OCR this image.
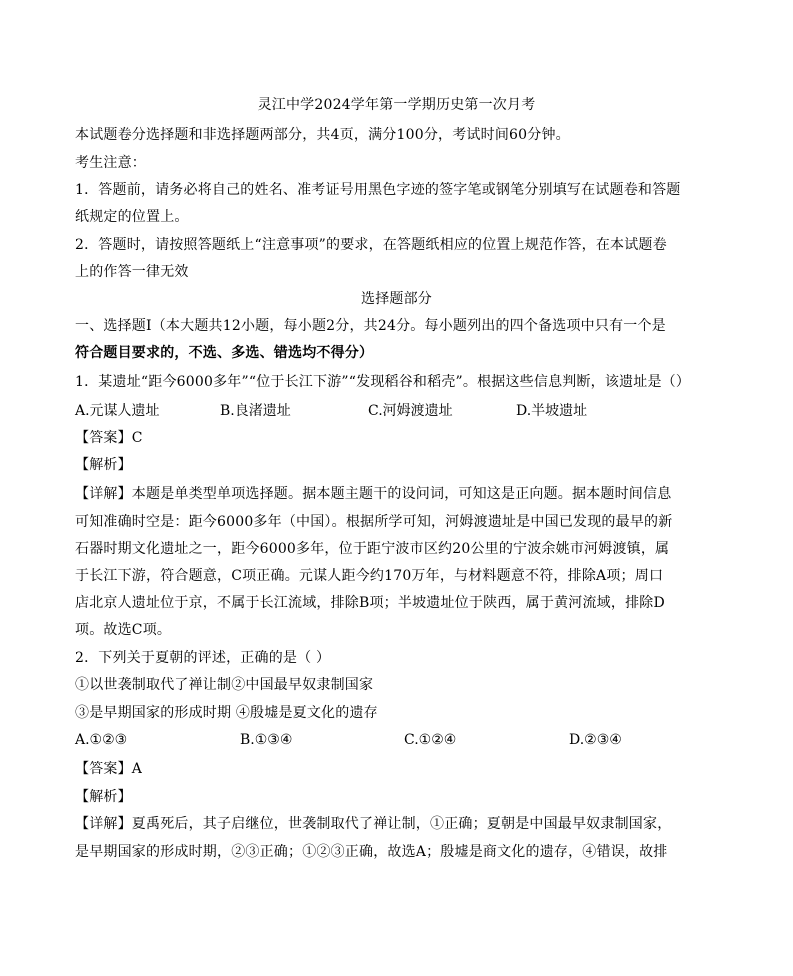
灵江中学2024学年第一学期历史第一次月考
本试题卷分选择题和非选择题两部分，共4页，满分100分，考试时间60分钟。
考生注意：
1．答题前，请务必将自己的姓名、准考证号用黑色字迹的签字笔或钢笔分别填写在试题卷和答题
纸规定的位置上。
2．答题时，请按照答题纸上“注意事项”的要求，在答题纸相应的位置上规范作答，在本试题卷
上的作答一律无效
选择题部分
一、选择题Ⅰ（本大题共12小题，每小题2分，共24分。每小题列出的四个备选项中只有一个是
符合题目要求的，不选、多选、错选均不得分）
1．某遗址“距今6000多年”“位于长江下游”“发现稻谷和稻壳”。根据这些信息判断，该遗址是（）
A.元谋人遗址	B.良渚遗址	C.河姆渡遗址	D.半坡遗址
【答案】C
【解析】
【详解】本题是单类型单项选择题。据本题主题干的设问词，可知这是正向题。据本题时间信息
可知准确时空是：距今6000多年（中国）。根据所学可知，河姆渡遗址是中国已发现的最早的新
石器时期文化遗址之一，距今6000多年，位于距宁波市区约20公里的宁波余姚市河姆渡镇，属
于长江下游，符合题意，C项正确。元谋人距今约170万年，与材料题意不符，排除A项；周口
店北京人遗址位于京，不属于长江流域，排除B项；半坡遗址位于陕西，属于黄河流域，排除D
项。故选C项。
2．下列关于夏朝的评述，正确的是（ ）
①以世袭制取代了禅让制②中国最早奴隶制国家
③是早期国家的形成时期 ④殷墟是夏文化的遗存
A.①②③	B.①③④	C.①②④	D.②③④
【答案】A
【解析】
【详解】夏禹死后，其子启继位，世袭制取代了禅让制，①正确；夏朝是中国最早奴隶制国家，
是早期国家的形成时期，②③正确；①②③正确，故选A；殷墟是商文化的遗存，④错误，故排
